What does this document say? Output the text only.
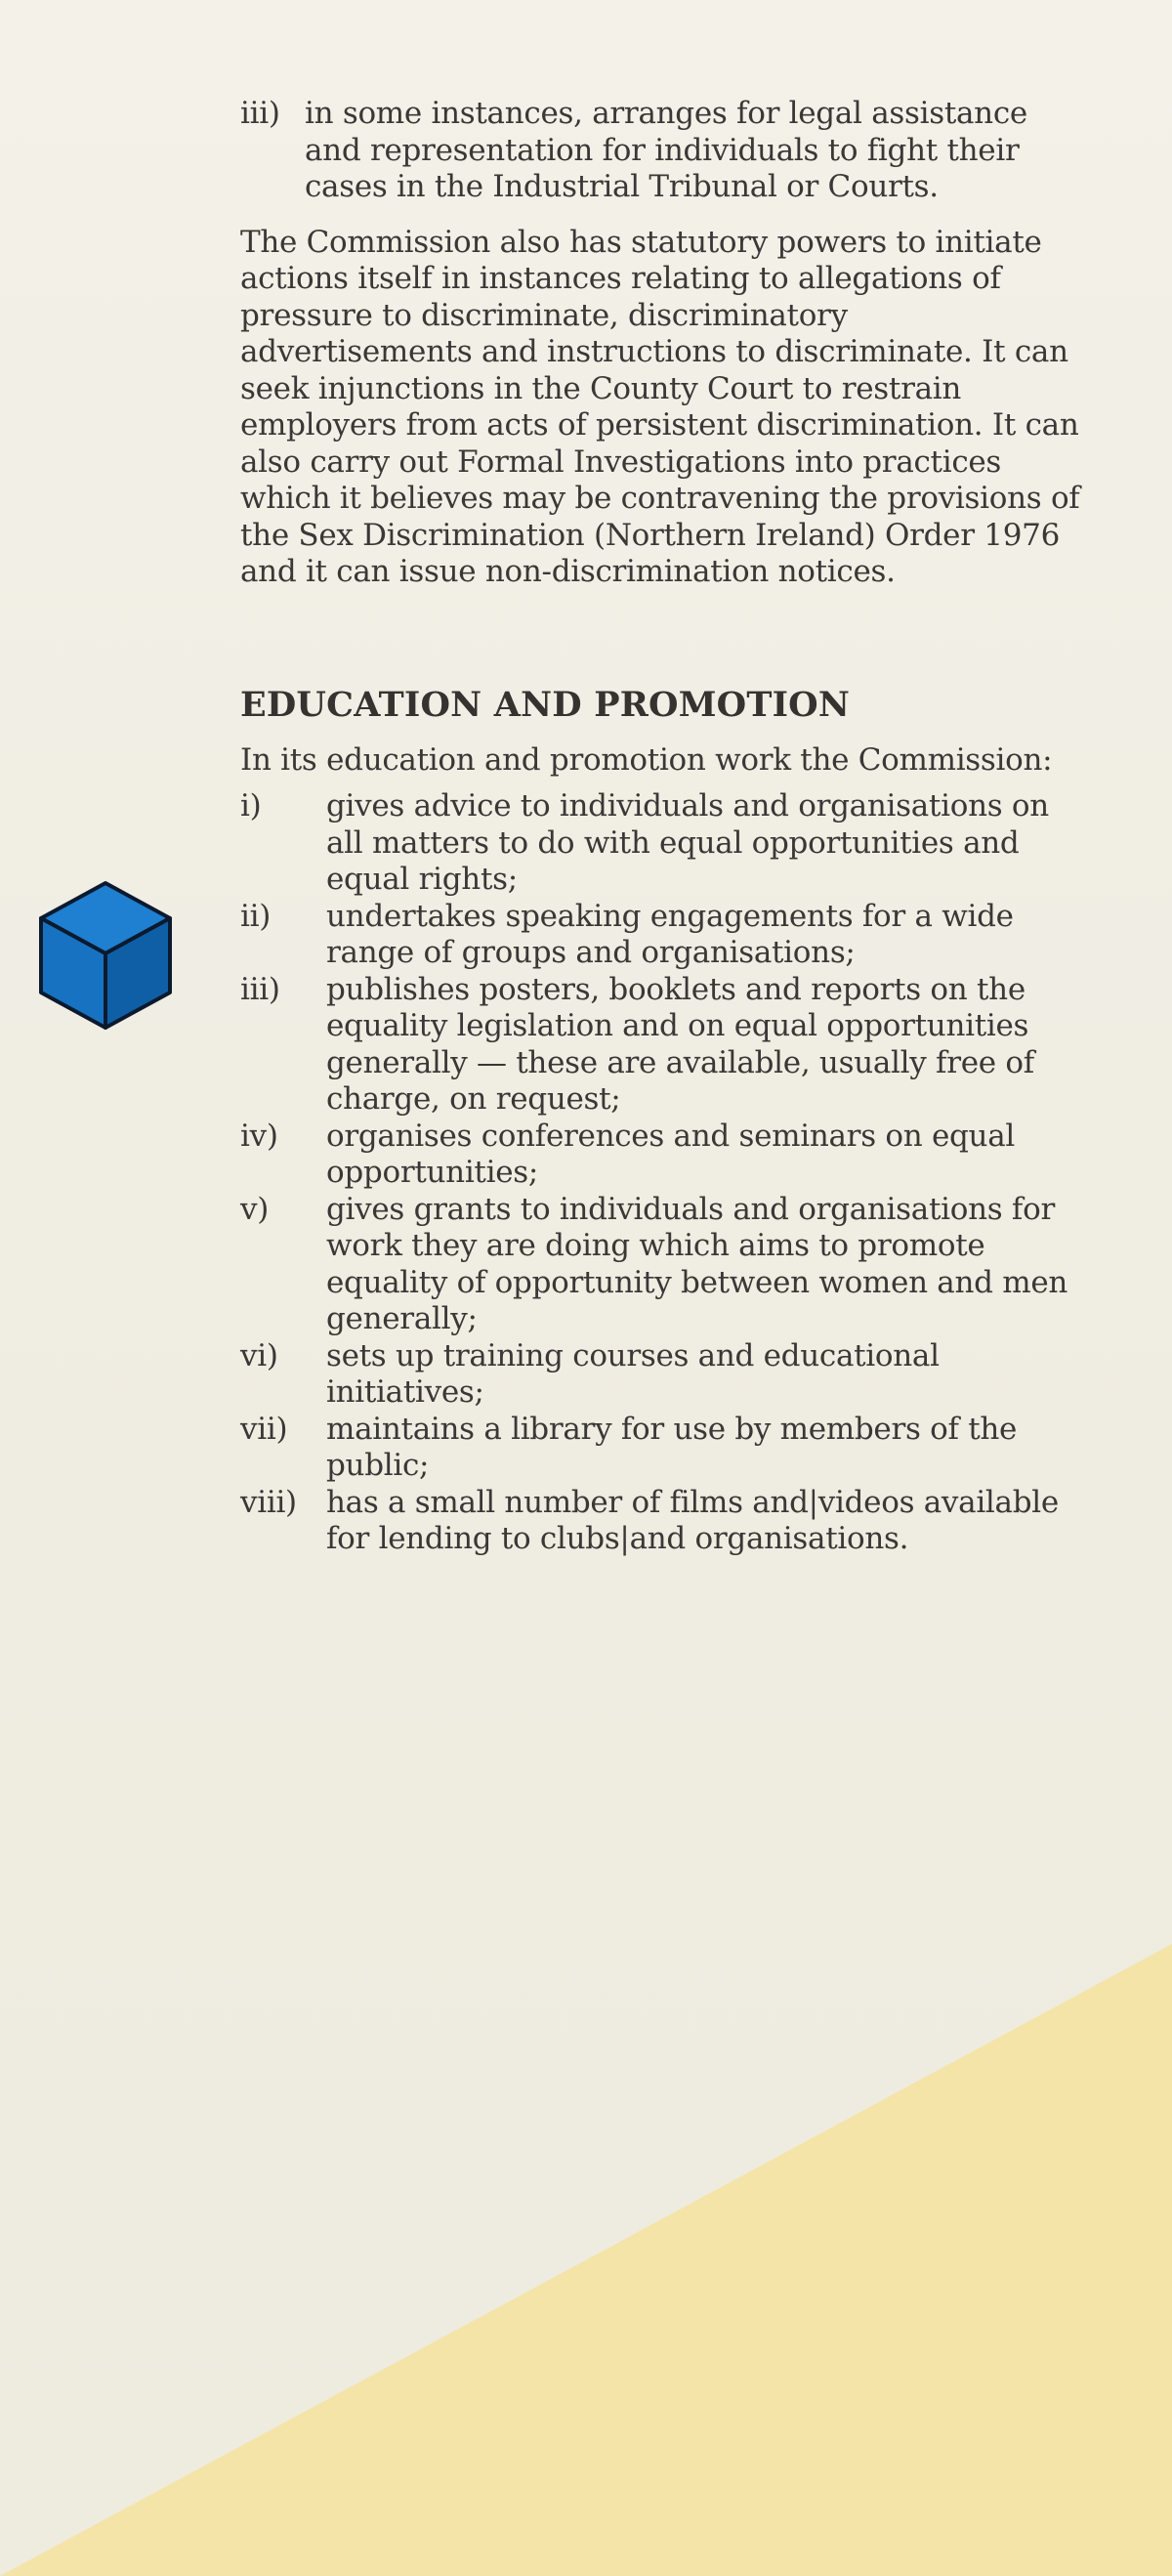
iii) in some instances, arranges for legal assistance and representation for individuals to fight their cases in the Industrial Tribunal or Courts.

The Commission also has statutory powers to initiate actions itself in instances relating to allegations of pressure to discriminate, discriminatory advertisements and instructions to discriminate. It can seek injunctions in the County Court to restrain employers from acts of persistent discrimination. It can also carry out Formal Investigations into practices which it believes may be contravening the provisions of the Sex Discrimination (Northern Ireland) Order 1976 and it can issue non-discrimination notices.

EDUCATION AND PROMOTION

In its education and promotion work the Commission:

i)	gives advice to individuals and organisations on all matters to do with equal opportunities and equal rights;
ii)	undertakes speaking engagements for a wide range of groups and organisations;
iii)	publishes posters, booklets and reports on the equality legislation and on equal opportunities generally — these are available, usually free of charge, on request;
iv)	organises conferences and seminars on equal opportunities;
v)	gives grants to individuals and organisations for work they are doing which aims to promote equality of opportunity between women and men generally;
vi)	sets up training courses and educational initiatives;
vii)	maintains a library for use by members of the public;
viii) has a small number of films and|videos available for lending to clubs|and organisations.
